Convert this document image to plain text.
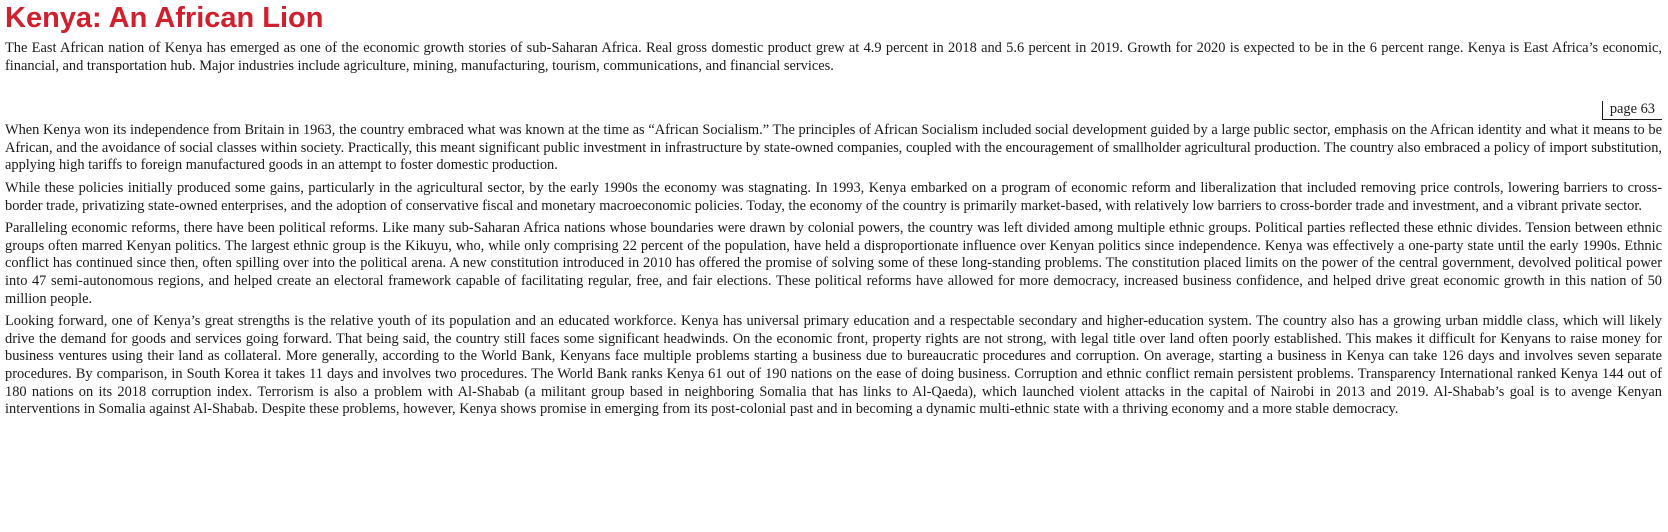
Kenya: An African Lion

The East African nation of Kenya has emerged as one of the economic growth stories of sub-Saharan Africa. Real gross domestic product grew at 4.9 percent in 2018 and 5.6 percent in 2019. Growth for 2020 is expected to be in the 6 percent range. Kenya is East Africa’s economic, financial, and transportation hub. Major industries include agriculture, mining, manufacturing, tourism, communications, and financial services.

page 63

When Kenya won its independence from Britain in 1963, the country embraced what was known at the time as “African Socialism.” The principles of African Socialism included social development guided by a large public sector, emphasis on the African identity and what it means to be African, and the avoidance of social classes within society. Practically, this meant significant public investment in infrastructure by state-owned companies, coupled with the encouragement of smallholder agricultural production. The country also embraced a policy of import substitution, applying high tariffs to foreign manufactured goods in an attempt to foster domestic production.

While these policies initially produced some gains, particularly in the agricultural sector, by the early 1990s the economy was stagnating. In 1993, Kenya embarked on a program of economic reform and liberalization that included removing price controls, lowering barriers to cross-border trade, privatizing state-owned enterprises, and the adoption of conservative fiscal and monetary macroeconomic policies. Today, the economy of the country is primarily market-based, with relatively low barriers to cross-border trade and investment, and a vibrant private sector.

Paralleling economic reforms, there have been political reforms. Like many sub-Saharan Africa nations whose boundaries were drawn by colonial powers, the country was left divided among multiple ethnic groups. Political parties reflected these ethnic divides. Tension between ethnic groups often marred Kenyan politics. The largest ethnic group is the Kikuyu, who, while only comprising 22 percent of the population, have held a disproportionate influence over Kenyan politics since independence. Kenya was effectively a one-party state until the early 1990s. Ethnic conflict has continued since then, often spilling over into the political arena. A new constitution introduced in 2010 has offered the promise of solving some of these long-standing problems. The constitution placed limits on the power of the central government, devolved political power into 47 semi-autonomous regions, and helped create an electoral framework capable of facilitating regular, free, and fair elections. These political reforms have allowed for more democracy, increased business confidence, and helped drive great economic growth in this nation of 50 million people.

Looking forward, one of Kenya’s great strengths is the relative youth of its population and an educated workforce. Kenya has universal primary education and a respectable secondary and higher-education system. The country also has a growing urban middle class, which will likely drive the demand for goods and services going forward. That being said, the country still faces some significant headwinds. On the economic front, property rights are not strong, with legal title over land often poorly established. This makes it difficult for Kenyans to raise money for business ventures using their land as collateral. More generally, according to the World Bank, Kenyans face multiple problems starting a business due to bureaucratic procedures and corruption. On average, starting a business in Kenya can take 126 days and involves seven separate procedures. By comparison, in South Korea it takes 11 days and involves two procedures. The World Bank ranks Kenya 61 out of 190 nations on the ease of doing business. Corruption and ethnic conflict remain persistent problems. Transparency International ranked Kenya 144 out of 180 nations on its 2018 corruption index. Terrorism is also a problem with Al-Shabab (a militant group based in neighboring Somalia that has links to Al-Qaeda), which launched violent attacks in the capital of Nairobi in 2013 and 2019. Al-Shabab’s goal is to avenge Kenyan interventions in Somalia against Al-Shabab. Despite these problems, however, Kenya shows promise in emerging from its post-colonial past and in becoming a dynamic multi-ethnic state with a thriving economy and a more stable democracy.
